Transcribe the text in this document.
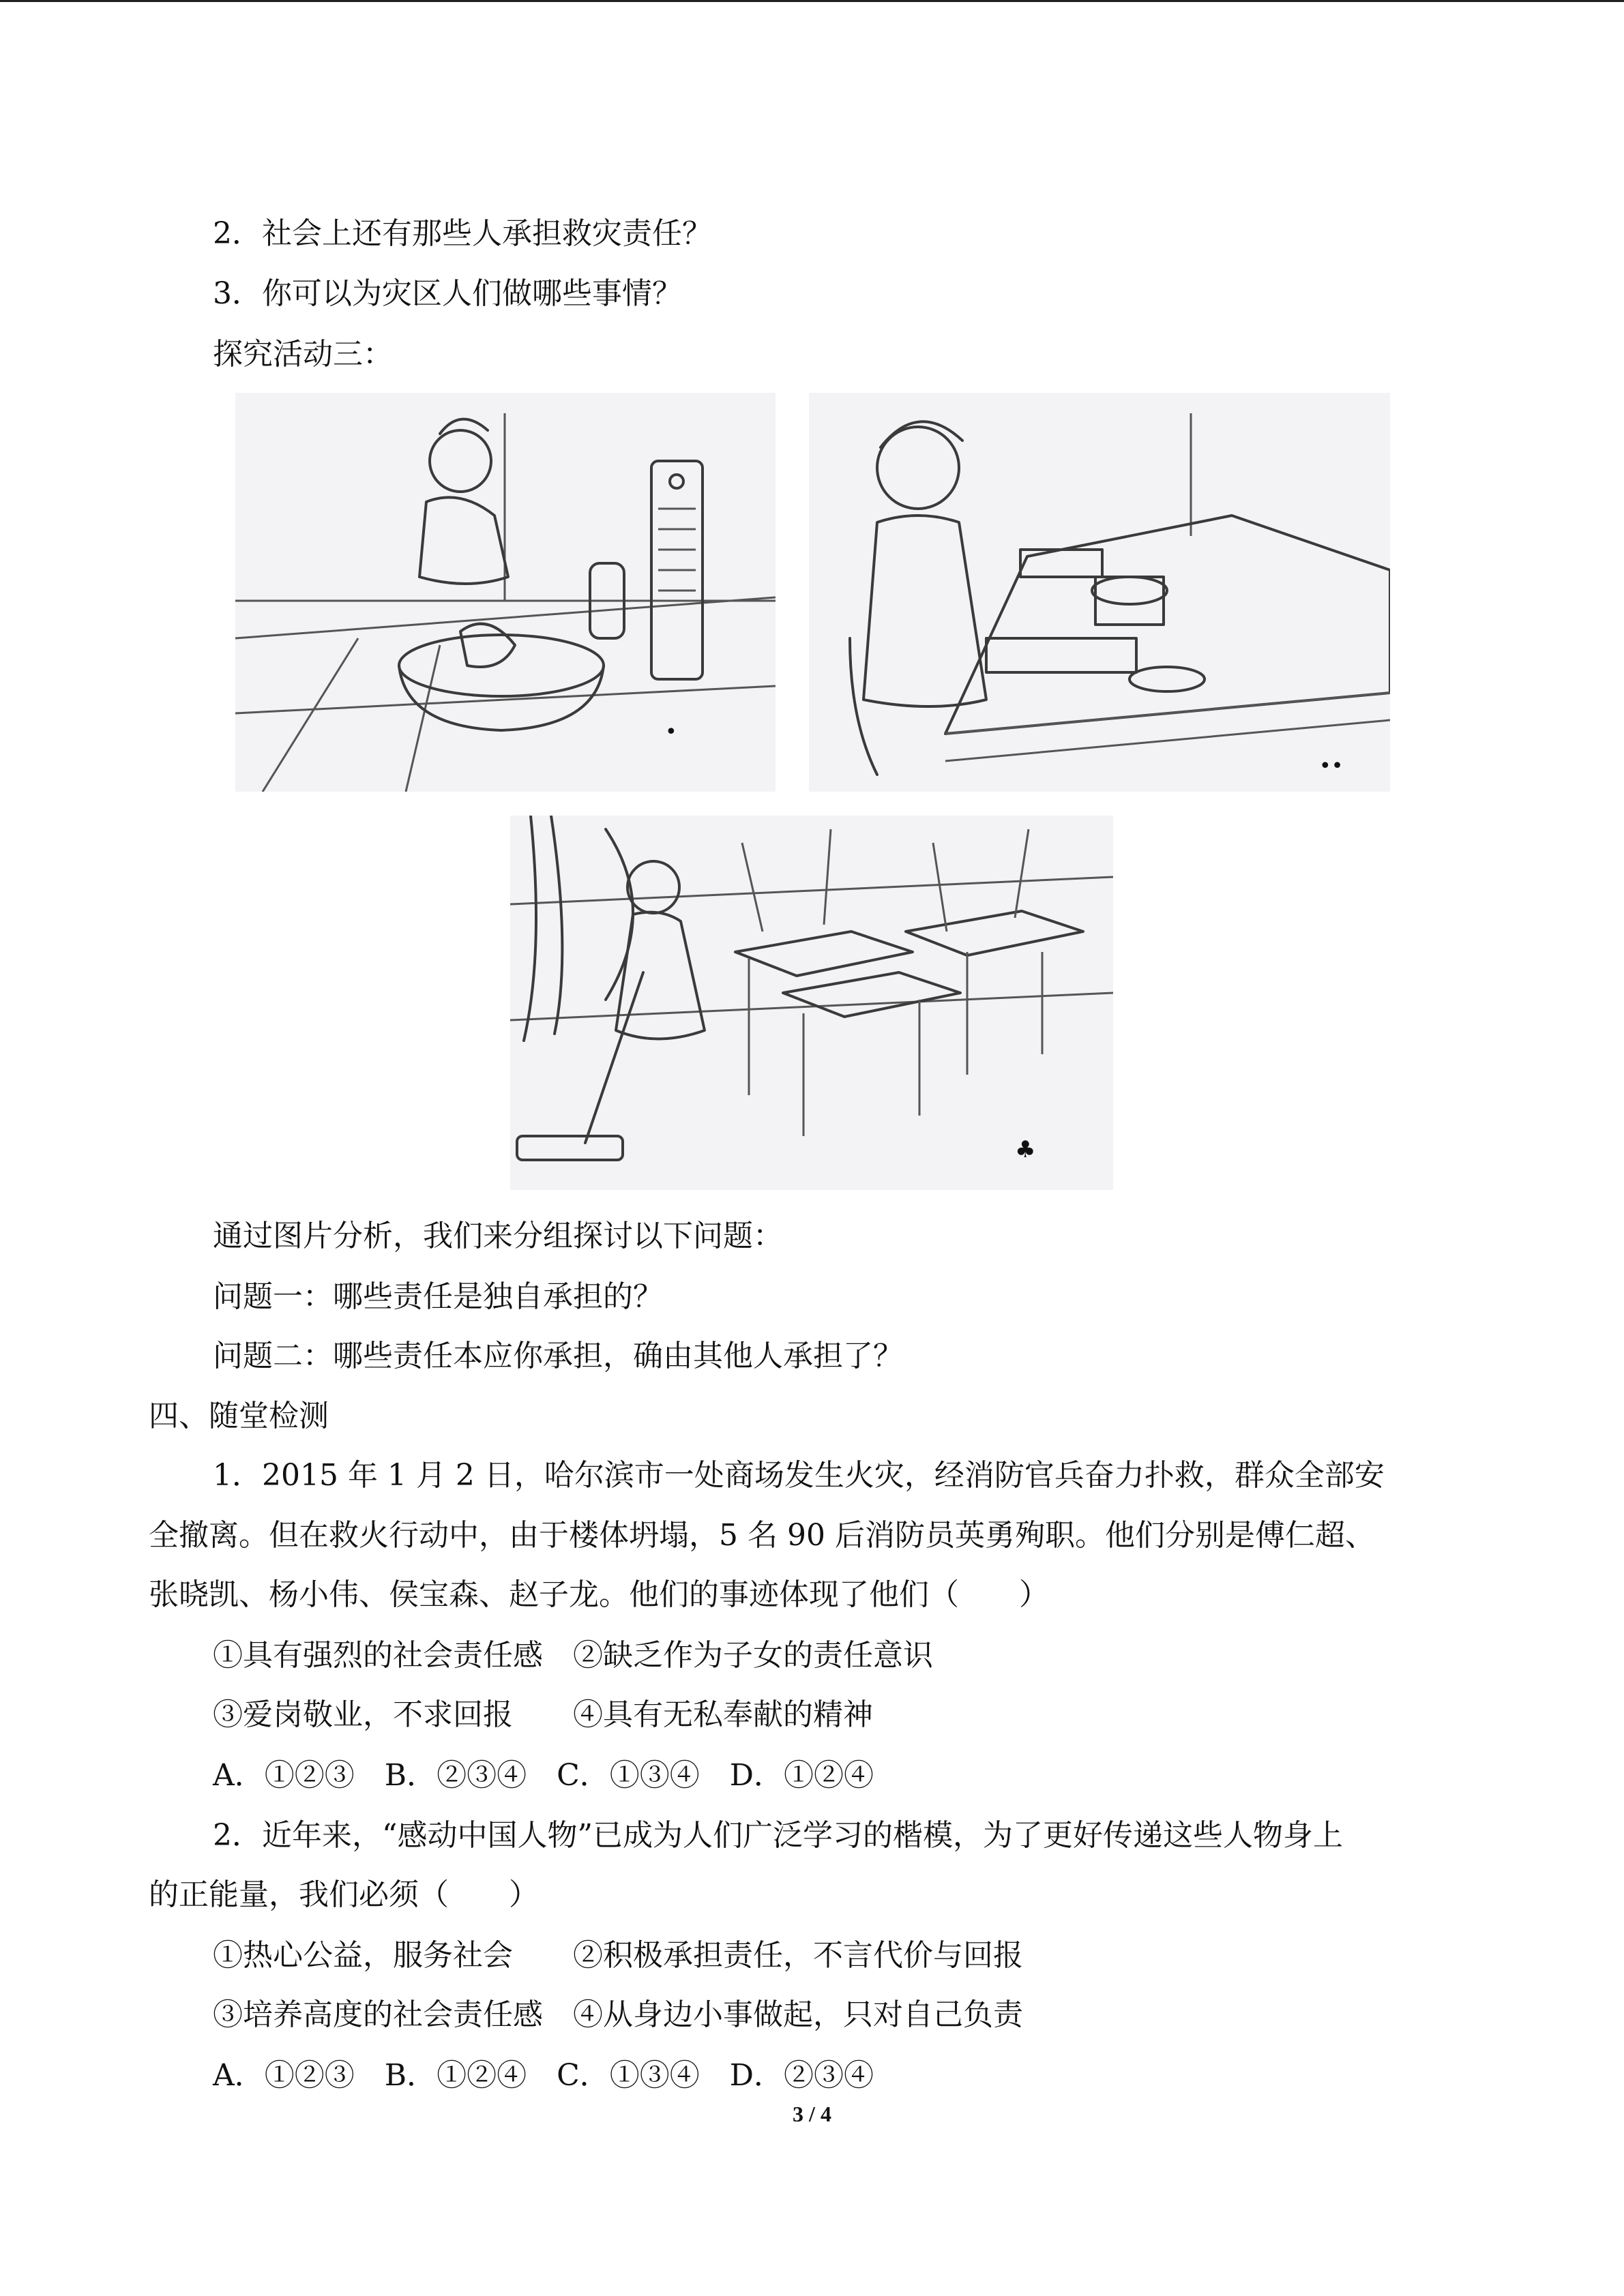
2．社会上还有那些人承担救灾责任？
3．你可以为灾区人们做哪些事情？
探究活动三：
•
••
♣
通过图片分析，我们来分组探讨以下问题：
问题一：哪些责任是独自承担的？
问题二：哪些责任本应你承担，确由其他人承担了？
四、随堂检测
1．2015 年 1 月 2 日，哈尔滨市一处商场发生火灾，经消防官兵奋力扑救，群众全部安
全撤离。但在救火行动中，由于楼体坍塌，5 名 90 后消防员英勇殉职。他们分别是傅仁超、
张晓凯、杨小伟、侯宝森、赵子龙。他们的事迹体现了他们（　　）
①具有强烈的社会责任感　②缺乏作为子女的责任意识
③爱岗敬业，不求回报　　④具有无私奉献的精神
A．①②③　B．②③④　C．①③④　D．①②④
2．近年来，“感动中国人物”已成为人们广泛学习的楷模，为了更好传递这些人物身上
的正能量，我们必须（　　）
①热心公益，服务社会　　②积极承担责任，不言代价与回报
③培养高度的社会责任感　④从身边小事做起，只对自己负责
A．①②③　B．①②④　C．①③④　D．②③④
3 / 4
